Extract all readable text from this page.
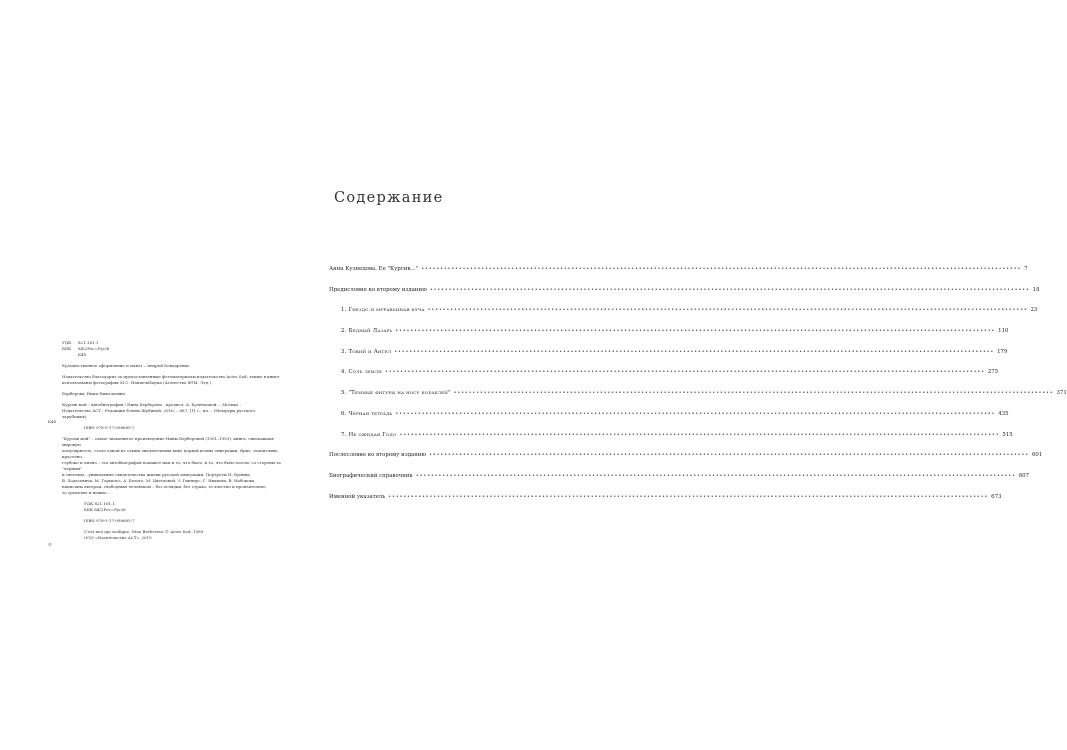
Б48
©
УДК	821.161.1
ББК	84(2Рос=Рус)6
Б48
Художественное оформление и макет – Андрей Бондаренко
Издательство благодарит за предоставленные фотоматериалы издательство Actes Sud; также в книге использованы фотографии М.С. Наппельбаума (Агентство ФТМ, Лтд.)
Берберова, Нина Николаевна.
Курсив мой : Автобиография / Нина Берберова ; предисл. А. Кузнецовой. – Москва :
Издательство АСТ : Редакция Елены Шубиной, 2016. – 687, [1] с., ил. – (Мемуары русского
зарубежья).
ISBN 978-5-17-098685-7
"Курсив мой" – самое знаменитое произведение Нины Берберовой (1901–1993), книга, снискавшая мировую
популярность, стала одной из самых значительных книг первой волны эмиграции. Ярко, талантливо, красочно,
глубоко и лично – эта автобиография покажет нам и то, что было, и то, что было потом, со стороны за "черным"
и светлым – уникальные свидетельства жизни русской эмиграции. Портреты И. Бунина,
В. Ходасевича, М. Горького, А. Белого, М. Цветаевой, З. Гиппиус, Г. Иванова, В. Набокова
написаны автором, свободным человеком – без оглядки, без страха, то хлестко и пронзительно,
то трепетно и нежно….
УДК 821.161.1
ББК 84(2Рос=Рус)6
ISBN 978-5-17-098685-7
C'est moi qui souligne, Nina Berberova © Actes Sud, 1989
ООО «Издательство АСТ», 2015
Содержание
Анна Кузнецова. Ее "Курсив…" •••••••••••••••••••••••••••••••••••••••••••••••••••••••••••••••••••••••••••••••••••••••••••••••••••••••••••••••••••••••••••••••••••••••••••••••••••••••••••••••• 7
Предисловие ко второму изданию •••••••••••••••••••••••••••••••••••••••••••••••••••••••••••••••••••••••••••••••••••••••••••••••••••••••••••••••••••••••••••••••••••••••••••••••••••••••••••••••• 18
1. Гнездо и муравьиная куча •••••••••••••••••••••••••••••••••••••••••••••••••••••••••••••••••••••••••••••••••••••••••••••••••••••••••••••••••••••••••••••••••••••••••••••••••••••••••••••••• 23
2. Бедный Лазарь •••••••••••••••••••••••••••••••••••••••••••••••••••••••••••••••••••••••••••••••••••••••••••••••••••••••••••••••••••••••••••••••••••••••••••••••••••••••••••••••• 110
3. Товий и Ангел •••••••••••••••••••••••••••••••••••••••••••••••••••••••••••••••••••••••••••••••••••••••••••••••••••••••••••••••••••••••••••••••••••••••••••••••••••••••••••••••• 179
4. Соль земли •••••••••••••••••••••••••••••••••••••••••••••••••••••••••••••••••••••••••••••••••••••••••••••••••••••••••••••••••••••••••••••••••••••••••••••••••••••••••••••••• 275
5. "Темные фигуры на носу кораблей" •••••••••••••••••••••••••••••••••••••••••••••••••••••••••••••••••••••••••••••••••••••••••••••••••••••••••••••••••••••••••••••••••••••••••••••••••••••••••••••••• 371
6. Черная тетрадь •••••••••••••••••••••••••••••••••••••••••••••••••••••••••••••••••••••••••••••••••••••••••••••••••••••••••••••••••••••••••••••••••••••••••••••••••••••••••••••••• 435
7. Не ожидая Годо •••••••••••••••••••••••••••••••••••••••••••••••••••••••••••••••••••••••••••••••••••••••••••••••••••••••••••••••••••••••••••••••••••••••••••••••••••••••••••••••• 515
Послесловие ко второму изданию •••••••••••••••••••••••••••••••••••••••••••••••••••••••••••••••••••••••••••••••••••••••••••••••••••••••••••••••••••••••••••••••••••••••••••••••••••••••••••••••• 601
Биографический справочник •••••••••••••••••••••••••••••••••••••••••••••••••••••••••••••••••••••••••••••••••••••••••••••••••••••••••••••••••••••••••••••••••••••••••••••••••••••••••••••••• 607
Именной указатель •••••••••••••••••••••••••••••••••••••••••••••••••••••••••••••••••••••••••••••••••••••••••••••••••••••••••••••••••••••••••••••••••••••••••••••••••••••••••••••••• 673
